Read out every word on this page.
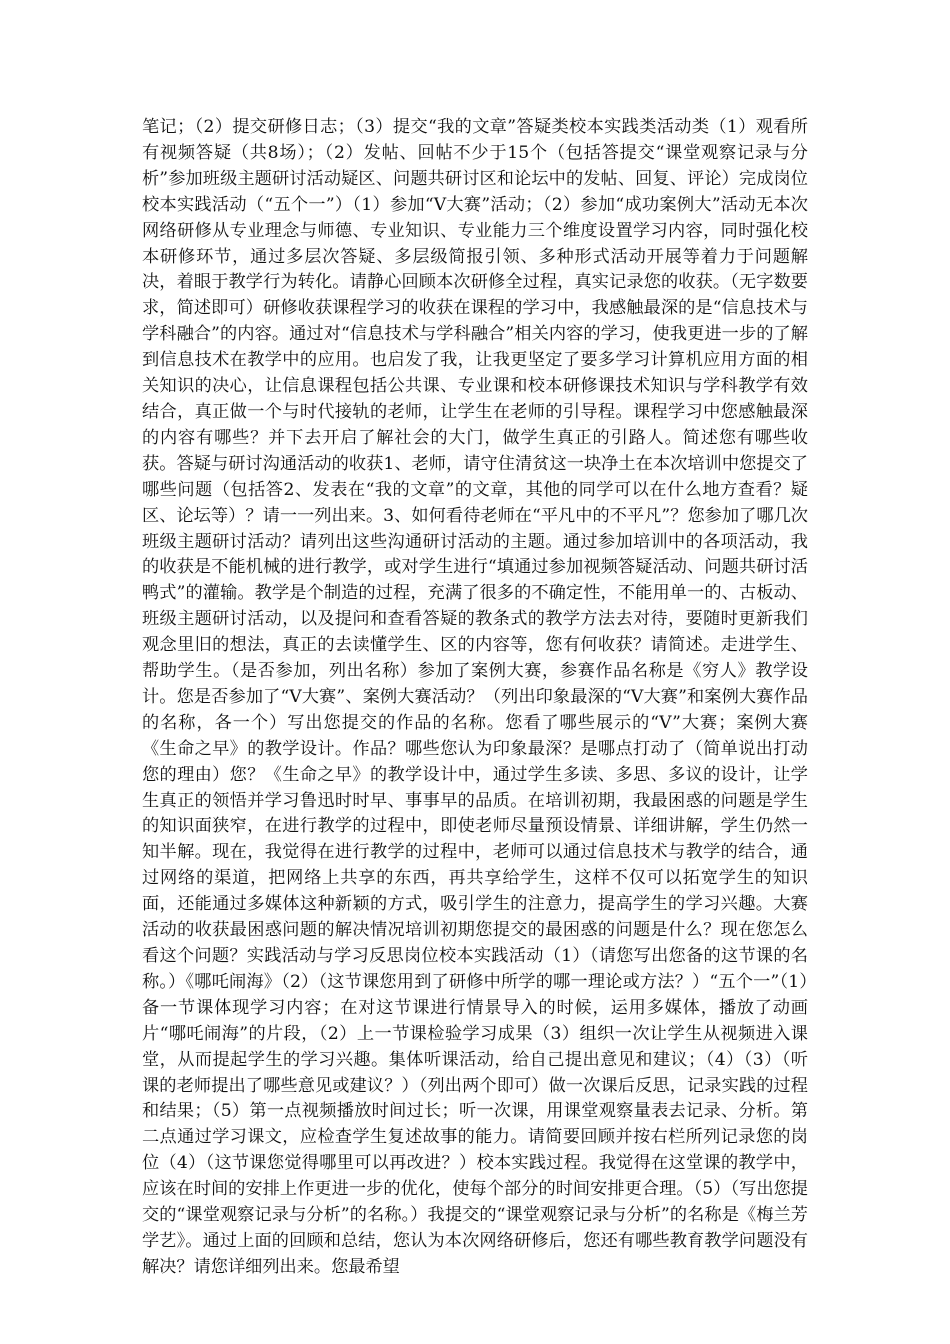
笔记；（2）提交研修日志；（3）提交“我的文章”答疑类校本实践类活动类（1）观看所有视频答疑（共8场）；（2）发帖、回帖不少于15个（包括答提交“课堂观察记录与分析”参加班级主题研讨活动疑区、问题共研讨区和论坛中的发帖、回复、评论）完成岗位校本实践活动（“五个一”）（1）参加“V大赛”活动；（2）参加“成功案例大”活动无本次网络研修从专业理念与师德、专业知识、专业能力三个维度设置学习内容，同时强化校本研修环节，通过多层次答疑、多层级简报引领、多种形式活动开展等着力于问题解决，着眼于教学行为转化。请静心回顾本次研修全过程，真实记录您的收获。（无字数要求，简述即可）研修收获课程学习的收获在课程的学习中，我感触最深的是“信息技术与学科融合”的内容。通过对“信息技术与学科融合”相关内容的学习，使我更进一步的了解到信息技术在教学中的应用。也启发了我，让我更坚定了要多学习计算机应用方面的相关知识的决心，让信息课程包括公共课、专业课和校本研修课技术知识与学科教学有效结合，真正做一个与时代接轨的老师，让学生在老师的引导程。课程学习中您感触最深的内容有哪些？并下去开启了解社会的大门，做学生真正的引路人。简述您有哪些收获。答疑与研讨沟通活动的收获1、老师，请守住清贫这一块净土在本次培训中您提交了哪些问题（包括答2、发表在“我的文章”的文章，其他的同学可以在什么地方查看？疑区、论坛等）？请一一列出来。3、如何看待老师在“平凡中的不平凡”？您参加了哪几次班级主题研讨活动？请列出这些沟通研讨活动的主题。通过参加培训中的各项活动，我的收获是不能机械的进行教学，或对学生进行“填通过参加视频答疑活动、问题共研讨活鸭式”的灌输。教学是个制造的过程，充满了很多的不确定性，不能用单一的、古板动、班级主题研讨活动，以及提问和查看答疑的教条式的教学方法去对待，要随时更新我们观念里旧的想法，真正的去读懂学生、区的内容等，您有何收获？请简述。走进学生、帮助学生。（是否参加，列出名称）参加了案例大赛，参赛作品名称是《穷人》教学设计。您是否参加了“V大赛”、案例大赛活动？（列出印象最深的“V大赛”和案例大赛作品的名称，各一个）写出您提交的作品的名称。您看了哪些展示的“V”大赛；案例大赛《生命之早》的教学设计。作品？哪些您认为印象最深？是哪点打动了（简单说出打动您的理由）您？《生命之早》的教学设计中，通过学生多读、多思、多议的设计，让学生真正的领悟并学习鲁迅时时早、事事早的品质。在培训初期，我最困惑的问题是学生的知识面狭窄，在进行教学的过程中，即使老师尽量预设情景、详细讲解，学生仍然一知半解。现在，我觉得在进行教学的过程中，老师可以通过信息技术与教学的结合，通过网络的渠道，把网络上共享的东西，再共享给学生，这样不仅可以拓宽学生的知识面，还能通过多媒体这种新颖的方式，吸引学生的注意力，提高学生的学习兴趣。大赛活动的收获最困惑问题的解决情况培训初期您提交的最困惑的问题是什么？现在您怎么看这个问题？实践活动与学习反思岗位校本实践活动（1）（请您写出您备的这节课的名称。）《哪吒闹海》（2）（这节课您用到了研修中所学的哪一理论或方法？）“五个一”（1）备一节课体现学习内容；在对这节课进行情景导入的时候，运用多媒体，播放了动画片“哪吒闹海”的片段，（2）上一节课检验学习成果（3）组织一次让学生从视频进入课堂，从而提起学生的学习兴趣。集体听课活动，给自己提出意见和建议；（4）（3）（听课的老师提出了哪些意见或建议？）（列出两个即可）做一次课后反思，记录实践的过程和结果；（5）第一点视频播放时间过长；听一次课，用课堂观察量表去记录、分析。第二点通过学习课文，应检查学生复述故事的能力。请简要回顾并按右栏所列记录您的岗位（4）（这节课您觉得哪里可以再改进？）校本实践过程。我觉得在这堂课的教学中，应该在时间的安排上作更进一步的优化，使每个部分的时间安排更合理。（5）（写出您提交的“课堂观察记录与分析”的名称。）我提交的“课堂观察记录与分析”的名称是《梅兰芳学艺》。通过上面的回顾和总结，您认为本次网络研修后，您还有哪些教育教学问题没有解决？请您详细列出来。您最希望
